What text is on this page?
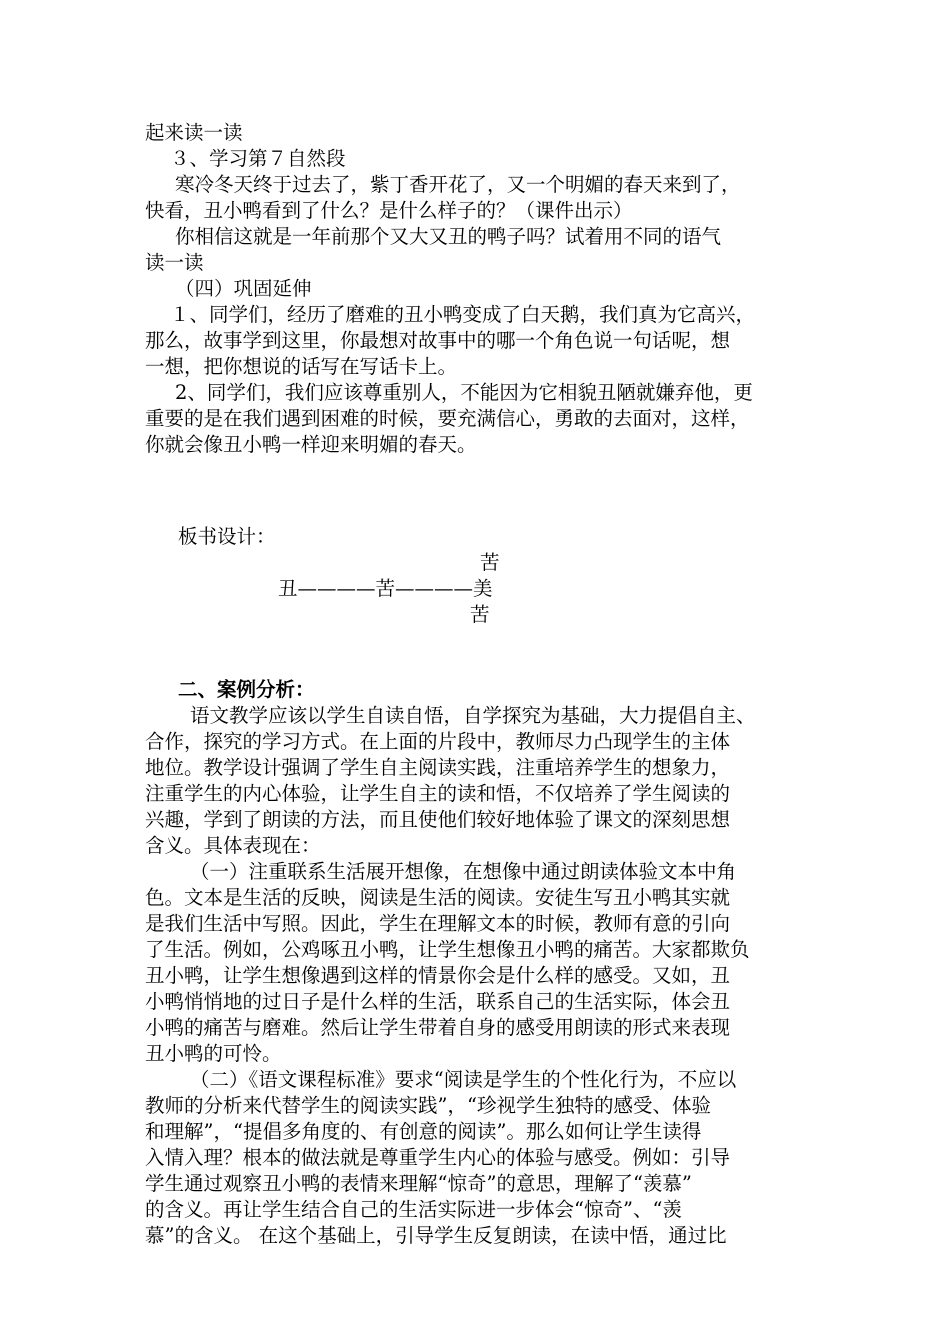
起来读一读

３、学习第７自然段

寒冷冬天终于过去了，紫丁香开花了，又一个明媚的春天来到了，

快看，丑小鸭看到了什么？是什么样子的？（课件出示）

你相信这就是一年前那个又大又丑的鸭子吗？试着用不同的语气

读一读

（四）巩固延伸

１、同学们，经历了磨难的丑小鸭变成了白天鹅，我们真为它高兴，

那么，故事学到这里，你最想对故事中的哪一个角色说一句话呢，想

一想，把你想说的话写在写话卡上。

2、同学们，我们应该尊重别人，不能因为它相貌丑陋就嫌弃他，更

重要的是在我们遇到困难的时候，要充满信心，勇敢的去面对，这样，

你就会像丑小鸭一样迎来明媚的春天。

板书设计：

苦

丑————苦————美

苦

二、案例分析：

语文教学应该以学生自读自悟，自学探究为基础，大力提倡自主、

合作，探究的学习方式。在上面的片段中，教师尽力凸现学生的主体

地位。教学设计强调了学生自主阅读实践，注重培养学生的想象力，

注重学生的内心体验，让学生自主的读和悟，不仅培养了学生阅读的

兴趣，学到了朗读的方法，而且使他们较好地体验了课文的深刻思想

含义。具体表现在：

（一）注重联系生活展开想像，在想像中通过朗读体验文本中角

色。文本是生活的反映，阅读是生活的阅读。安徒生写丑小鸭其实就

是我们生活中写照。因此，学生在理解文本的时候，教师有意的引向

了生活。例如，公鸡啄丑小鸭，让学生想像丑小鸭的痛苦。大家都欺负

丑小鸭，让学生想像遇到这样的情景你会是什么样的感受。又如，丑

小鸭悄悄地的过日子是什么样的生活，联系自己的生活实际，体会丑

小鸭的痛苦与磨难。然后让学生带着自身的感受用朗读的形式来表现

丑小鸭的可怜。

（二）《语文课程标准》要求“阅读是学生的个性化行为，不应以

教师的分析来代替学生的阅读实践”，“珍视学生独特的感受、体验

和理解”，“提倡多角度的、有创意的阅读”。那么如何让学生读得

入情入理？根本的做法就是尊重学生内心的体验与感受。例如：引导

学生通过观察丑小鸭的表情来理解“惊奇”的意思，理解了“羡慕”

的含义。再让学生结合自己的生活实际进一步体会“惊奇”、“羡

慕”的含义。 在这个基础上，引导学生反复朗读，在读中悟，通过比
